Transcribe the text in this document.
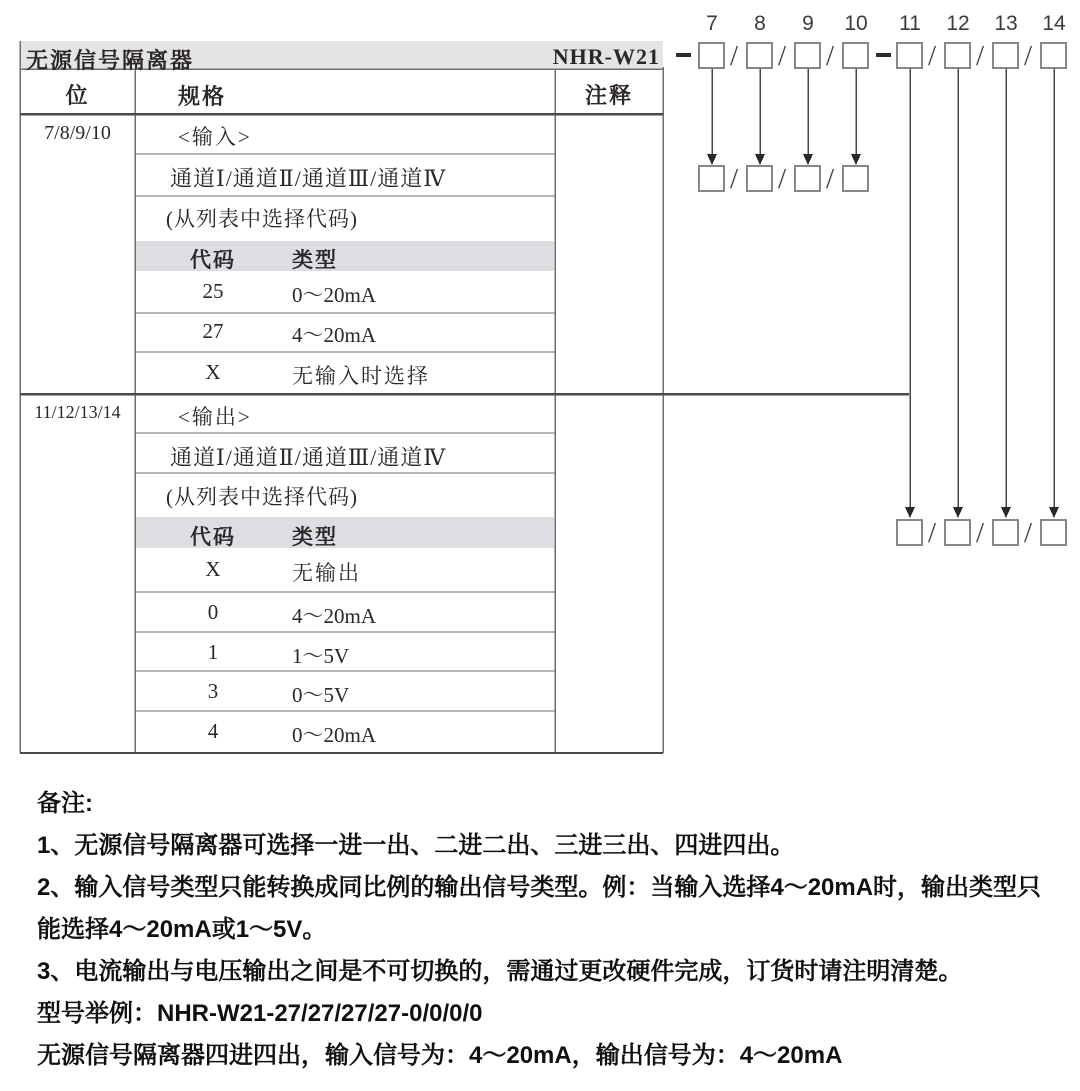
无源信号隔离器	NHR-W21
7	8	9	10	11	12	13	14
/ / /	/ / /
/ / /
/ / /
位	规格	注释
7/8/9/10	<输入>
通道Ⅰ/通道Ⅱ/通道Ⅲ/通道Ⅳ
(从列表中选择代码)
代码	类型
25	0～20mA
27	4～20mA
X	无输入时选择
11/12/13/14	<输出>
通道Ⅰ/通道Ⅱ/通道Ⅲ/通道Ⅳ
(从列表中选择代码)
代码	类型
X	无输出
0	4～20mA
1	1～5V
3	0～5V
4	0～20mA
备注:
1、无源信号隔离器可选择一进一出、二进二出、三进三出、四进四出。
2、输入信号类型只能转换成同比例的输出信号类型。例：当输入选择4～20mA时，输出类型只
能选择4～20mA或1～5V。
3、电流输出与电压输出之间是不可切换的，需通过更改硬件完成，订货时请注明清楚。
型号举例：NHR-W21-27/27/27/27-0/0/0/0
无源信号隔离器四进四出，输入信号为：4～20mA，输出信号为：4～20mA
